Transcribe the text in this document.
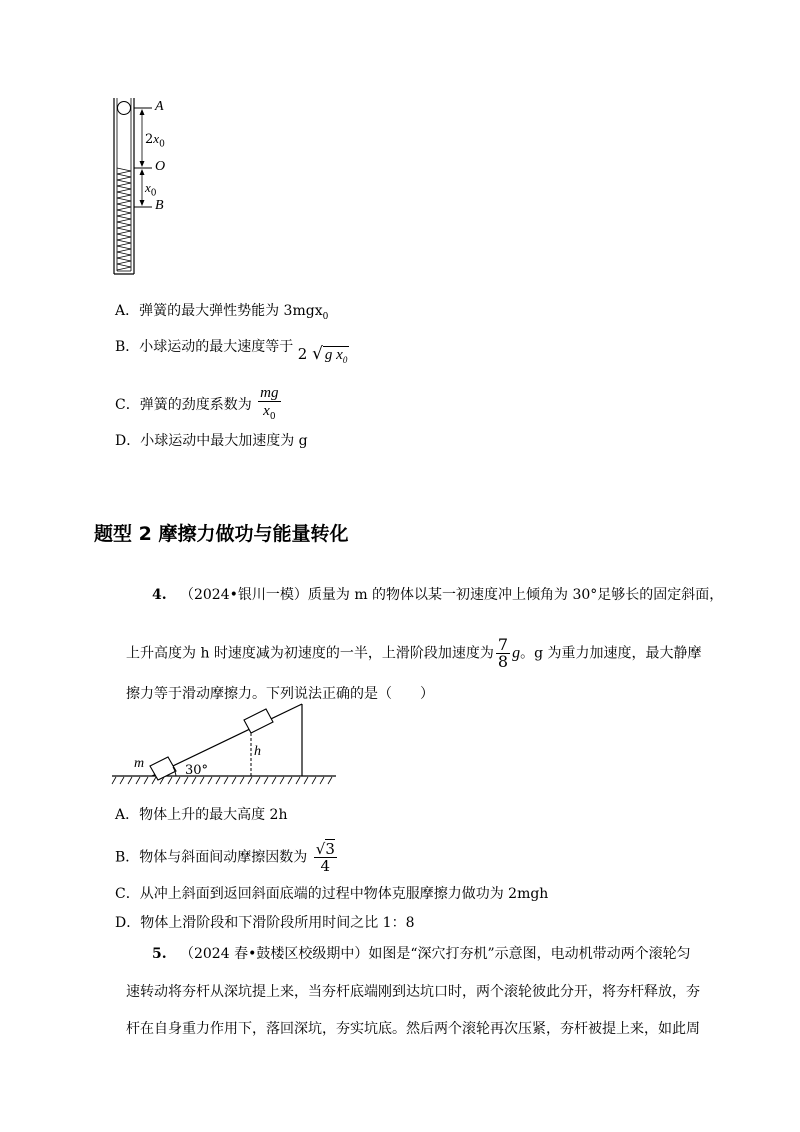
A
O
B
$2x_0$
$x_0$
A．弹簧的最大弹性势能为 3mgx$_0$
B．小球运动的最大速度等于 2 √ g $x_0$
C．弹簧的劲度系数为 $\frac{mg}{x_0}$
D．小球运动中最大加速度为 g
题型 2 摩擦力做功与能量转化
4. （2024•银川一模）质量为 m 的物体以某一初速度冲上倾角为 30°足够长的固定斜面，
上升高度为 h 时速度减为初速度的一半，上滑阶段加速度为 $\frac{7}{8}$ g。g 为重力加速度，最大静摩
擦力等于滑动摩擦力。下列说法正确的是（　　）
m	30°
h
A．物体上升的最大高度 2h
B．物体与斜面间动摩擦因数为 $\frac{√3}{4}$
C．从冲上斜面到返回斜面底端的过程中物体克服摩擦力做功为 2mgh
D．物体上滑阶段和下滑阶段所用时间之比 1：8
5. （2024 春•鼓楼区校级期中）如图是“深穴打夯机”示意图，电动机带动两个滚轮匀
速转动将夯杆从深坑提上来，当夯杆底端刚到达坑口时，两个滚轮彼此分开，将夯杆释放，夯
杆在自身重力作用下，落回深坑，夯实坑底。然后两个滚轮再次压紧，夯杆被提上来，如此周
